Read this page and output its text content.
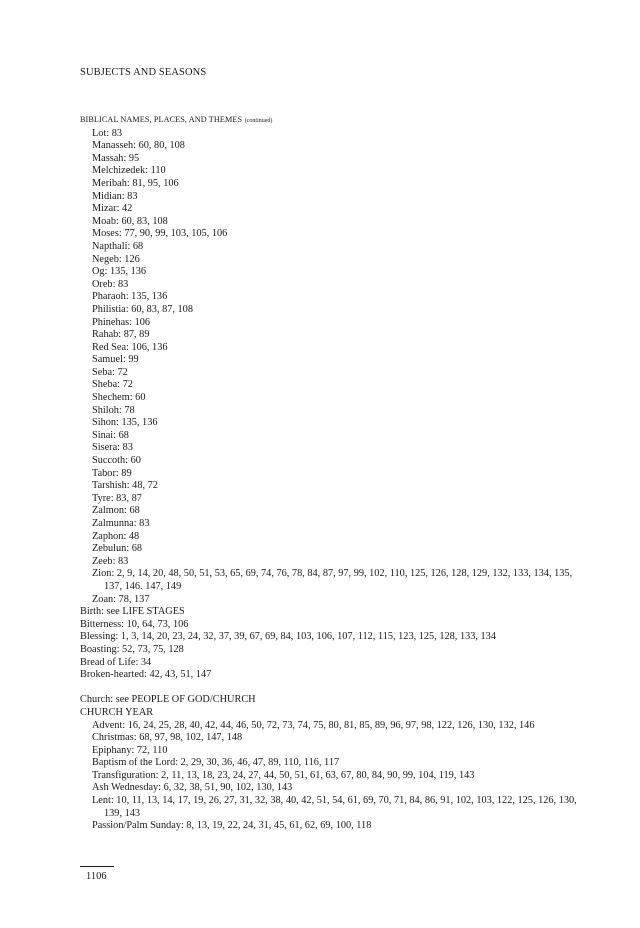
SUBJECTS AND SEASONS
BIBLICAL NAMES, PLACES, AND THEMES (continued)
Lot: 83
Manasseh: 60, 80, 108
Massah: 95
Melchizedek: 110
Meribah: 81, 95, 106
Midian: 83
Mizar: 42
Moab: 60, 83, 108
Moses: 77, 90, 99, 103, 105, 106
Napthali: 68
Negeb: 126
Og: 135, 136
Oreb: 83
Pharaoh: 135, 136
Philistia: 60, 83, 87, 108
Phinehas: 106
Rahab: 87, 89
Red Sea: 106, 136
Samuel: 99
Seba: 72
Sheba: 72
Shechem: 60
Shiloh: 78
Sihon: 135, 136
Sinai: 68
Sisera: 83
Succoth: 60
Tabor: 89
Tarshish: 48, 72
Tyre: 83, 87
Zalmon: 68
Zalmunna: 83
Zaphon: 48
Zebulun: 68
Zeeb: 83
Zion: 2, 9, 14, 20, 48, 50, 51, 53, 65, 69, 74, 76, 78, 84, 87, 97, 99, 102, 110, 125, 126, 128, 129, 132, 133, 134, 135, 137, 146. 147, 149
Zoan: 78, 137
Birth: see LIFE STAGES
Bitterness: 10, 64, 73, 106
Blessing: 1, 3, 14, 20, 23, 24, 32, 37, 39, 67, 69, 84, 103, 106, 107, 112, 115, 123, 125, 128, 133, 134
Boasting: 52, 73, 75, 128
Bread of Life: 34
Broken-hearted: 42, 43, 51, 147
Church: see PEOPLE OF GOD/CHURCH
CHURCH YEAR
Advent: 16, 24, 25, 28, 40, 42, 44, 46, 50, 72, 73, 74, 75, 80, 81, 85, 89, 96, 97, 98, 122, 126, 130, 132, 146
Christmas: 68, 97, 98, 102, 147, 148
Epiphany: 72, 110
Baptism of the Lord: 2, 29, 30, 36, 46, 47, 89, 110, 116, 117
Transfiguration: 2, 11, 13, 18, 23, 24, 27, 44, 50, 51, 61, 63, 67, 80, 84, 90, 99, 104, 119, 143
Ash Wednesday: 6, 32, 38, 51, 90, 102, 130, 143
Lent: 10, 11, 13, 14, 17, 19, 26, 27, 31, 32, 38, 40, 42, 51, 54, 61, 69, 70, 71, 84, 86, 91, 102, 103, 122, 125, 126, 130, 139, 143
Passion/Palm Sunday: 8, 13, 19, 22, 24, 31, 45, 61, 62, 69, 100, 118
1106
